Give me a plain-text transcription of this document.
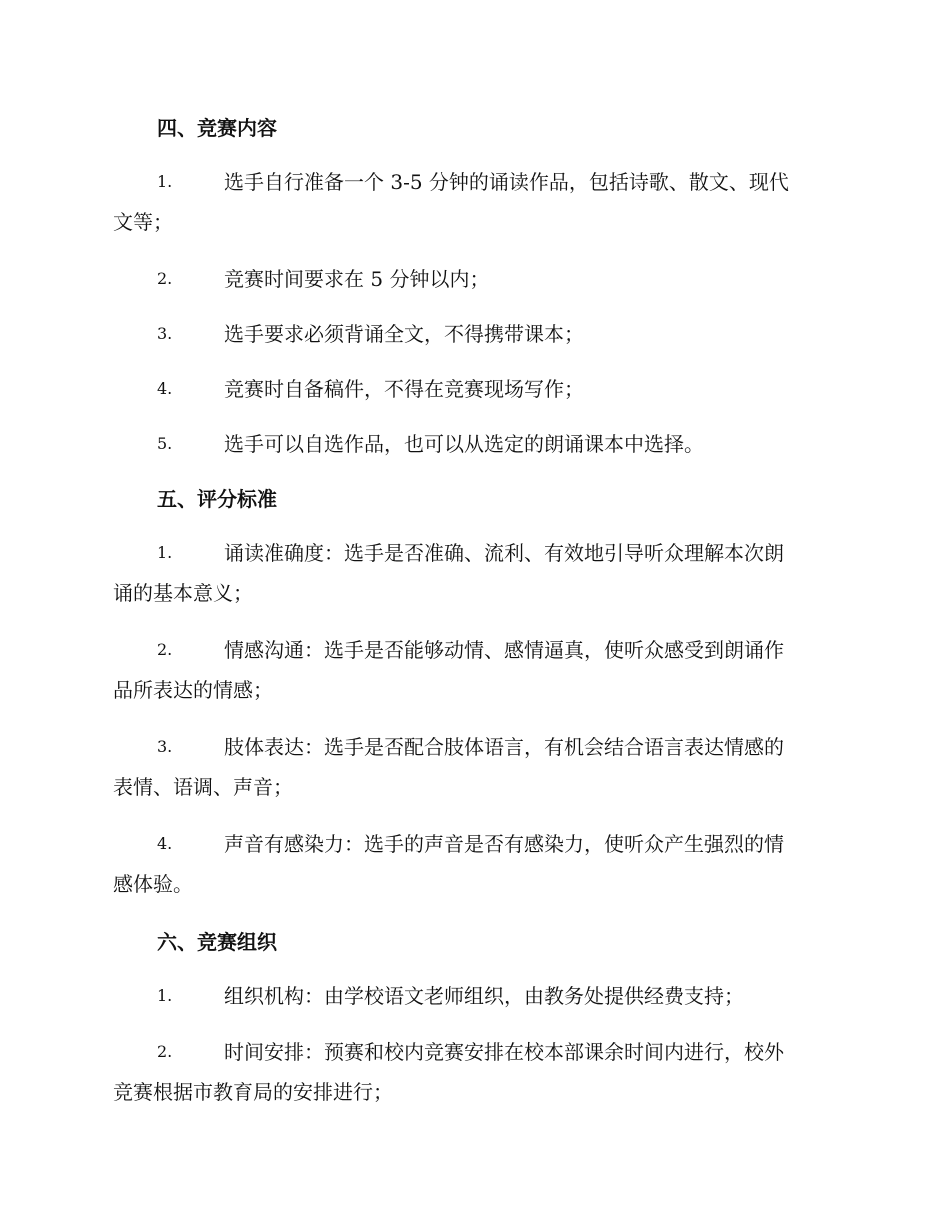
四、竞赛内容
1.	选手自行准备一个 3-5 分钟的诵读作品，包括诗歌、散文、现代
文等；
2.	竞赛时间要求在 5 分钟以内；
3.	选手要求必须背诵全文，不得携带课本；
4.	竞赛时自备稿件，不得在竞赛现场写作；
5.	选手可以自选作品，也可以从选定的朗诵课本中选择。
五、评分标准
1.	诵读准确度：选手是否准确、流利、有效地引导听众理解本次朗
诵的基本意义；
2.	情感沟通：选手是否能够动情、感情逼真，使听众感受到朗诵作
品所表达的情感；
3.	肢体表达：选手是否配合肢体语言，有机会结合语言表达情感的
表情、语调、声音；
4.	声音有感染力：选手的声音是否有感染力，使听众产生强烈的情
感体验。
六、竞赛组织
1.	组织机构：由学校语文老师组织，由教务处提供经费支持；
2.	时间安排：预赛和校内竞赛安排在校本部课余时间内进行，校外
竞赛根据市教育局的安排进行；
